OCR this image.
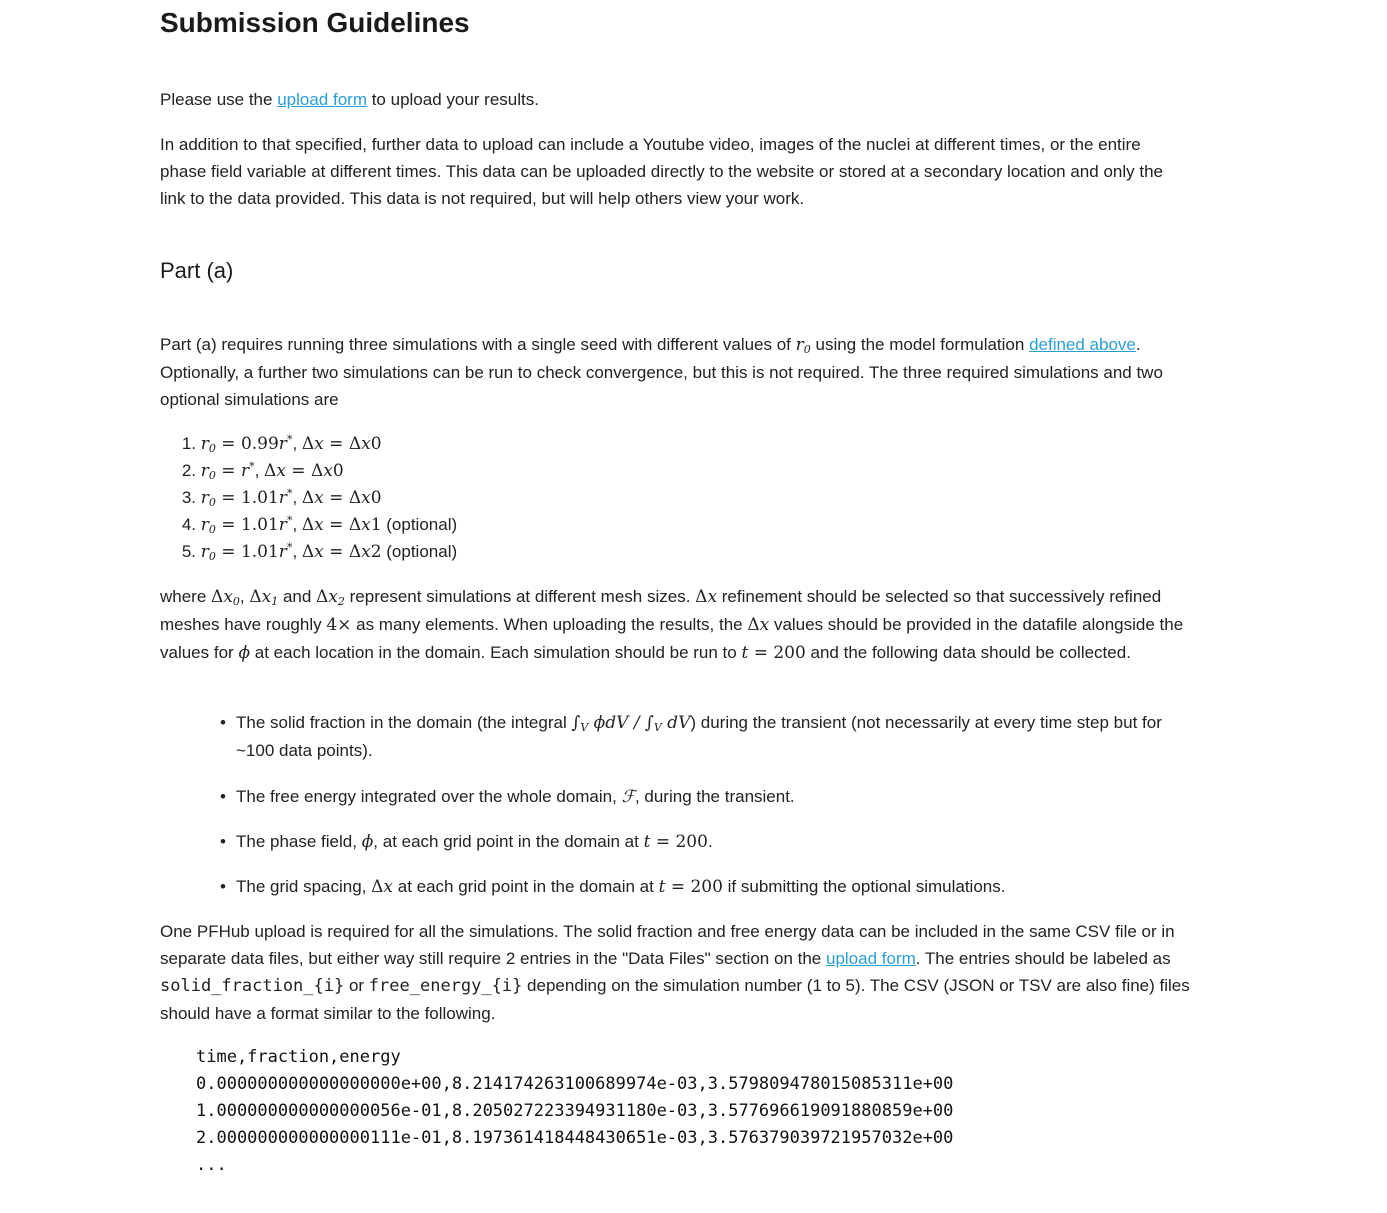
Submission Guidelines

Please use the upload form to upload your results.

In addition to that specified, further data to upload can include a Youtube video, images of the nuclei at different times, or the entire phase field variable at different times. This data can be uploaded directly to the website or stored at a secondary location and only the link to the data provided. This data is not required, but will help others view your work.

Part (a)

Part (a) requires running three simulations with a single seed with different values of $r_0$ using the model formulation defined above. Optionally, a further two simulations can be run to check convergence, but this is not required. The three required simulations and two optional simulations are

1.
$r_0 = 0.99$ r* , Δ x = Δ x 0
2.
$r_0 = r^*$ , Δ x = Δ x 0
3.
$r_0 = 1.01$ r* , Δ x = Δ x 0
4.
$r_0 = 1.01$ r* , Δ x = Δ x 1
(optional)
5.
$r_0 = 1.01$ r* , Δ x = Δ x 2
(optional)

where $\Delta x_0$, $\Delta x_1$ and $\Delta x_2$ represent simulations at different mesh sizes. Δx refinement should be selected so that successively refined meshes have roughly 4× as many elements. When uploading the results, the Δx values should be provided in the datafile alongside the values for ϕ at each location in the domain. Each simulation should be run to t = 200 and the following data should be collected.

• The solid fraction in the domain (the integral $\int_V$ ϕdV / $\int_V$ dV) during the transient (not necessarily at every time step but for ~100 data points).
• The free energy integrated over the whole domain, ℱ, during the transient.
• The phase field, ϕ, at each grid point in the domain at t = 200.
• The grid spacing, Δx at each grid point in the domain at t = 200 if submitting the optional simulations.

One PFHub upload is required for all the simulations. The solid fraction and free energy data can be included in the same CSV file or in separate data files, but either way still require 2 entries in the "Data Files" section on the upload form. The entries should be labeled as solid_fraction_{i} or free_energy_{i} depending on the simulation number (1 to 5). The CSV (JSON or TSV are also fine) files should have a format similar to the following.

time,fraction,energy
0.000000000000000000e+00,8.214174263100689974e-03,3.579809478015085311e+00
1.000000000000000056e-01,8.205027223394931180e-03,3.577696619091880859e+00
2.000000000000000111e-01,8.197361418448430651e-03,3.576379039721957032e+00
...
